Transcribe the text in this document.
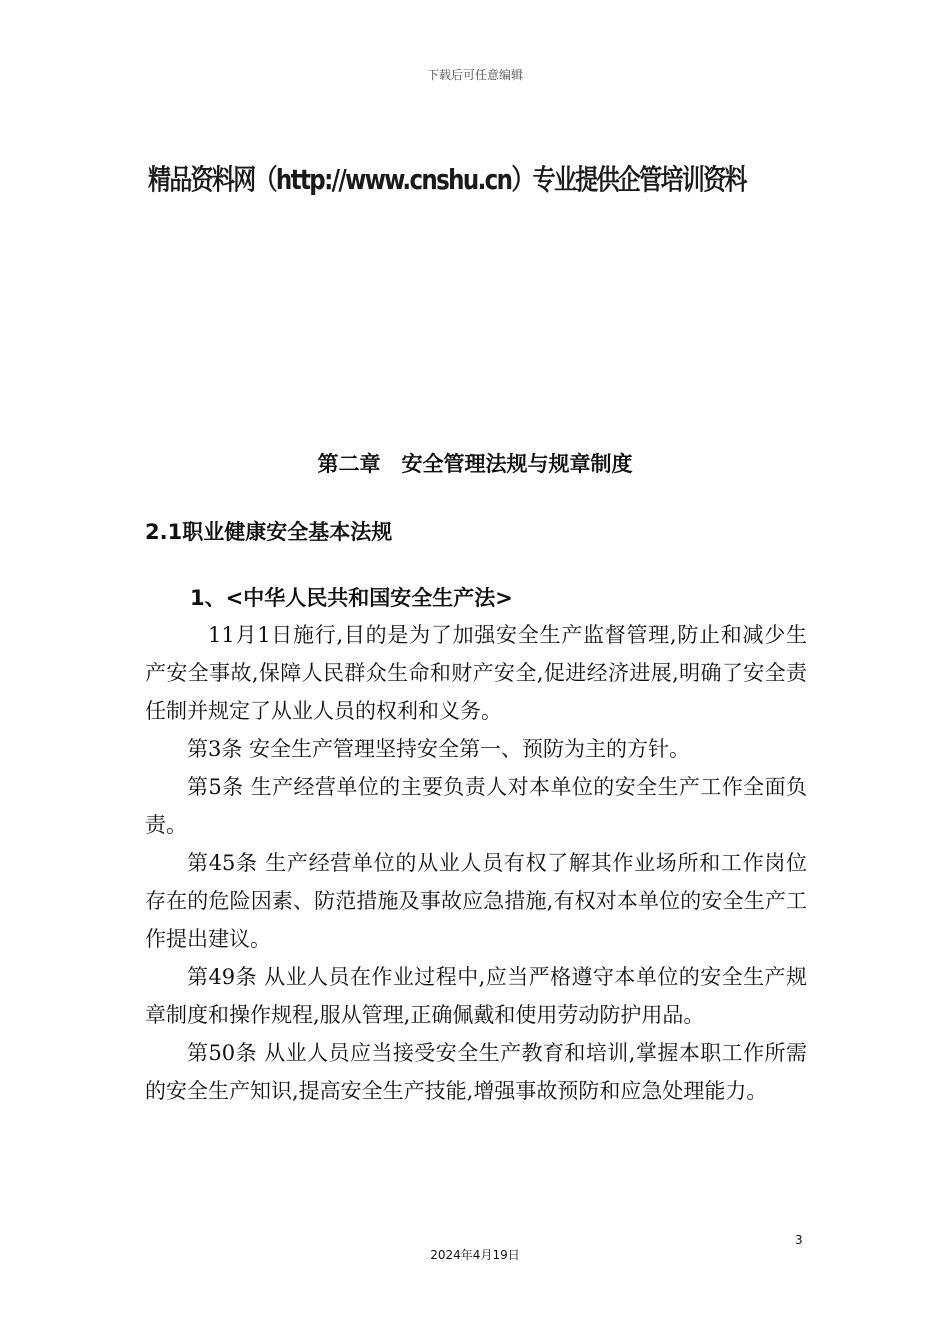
下载后可任意编辑
精品资料网（http://www.cnshu.cn）专业提供企管培训资料
第二章　安全管理法规与规章制度
2.1职业健康安全基本法规
1、<中华人民共和国安全生产法>

11月1日施行,目的是为了加强安全生产监督管理,防止和减少生产安全事故,保障人民群众生命和财产安全,促进经济进展,明确了安全责任制并规定了从业人员的权利和义务。

第3条 安全生产管理坚持安全第一、预防为主的方针。

第5条 生产经营单位的主要负责人对本单位的安全生产工作全面负责。

第45条 生产经营单位的从业人员有权了解其作业场所和工作岗位存在的危险因素、防范措施及事故应急措施,有权对本单位的安全生产工作提出建议。

第49条 从业人员在作业过程中,应当严格遵守本单位的安全生产规章制度和操作规程,服从管理,正确佩戴和使用劳动防护用品。

第50条 从业人员应当接受安全生产教育和培训,掌握本职工作所需的安全生产知识,提高安全生产技能,增强事故预防和应急处理能力。

3
2024年4月19日
